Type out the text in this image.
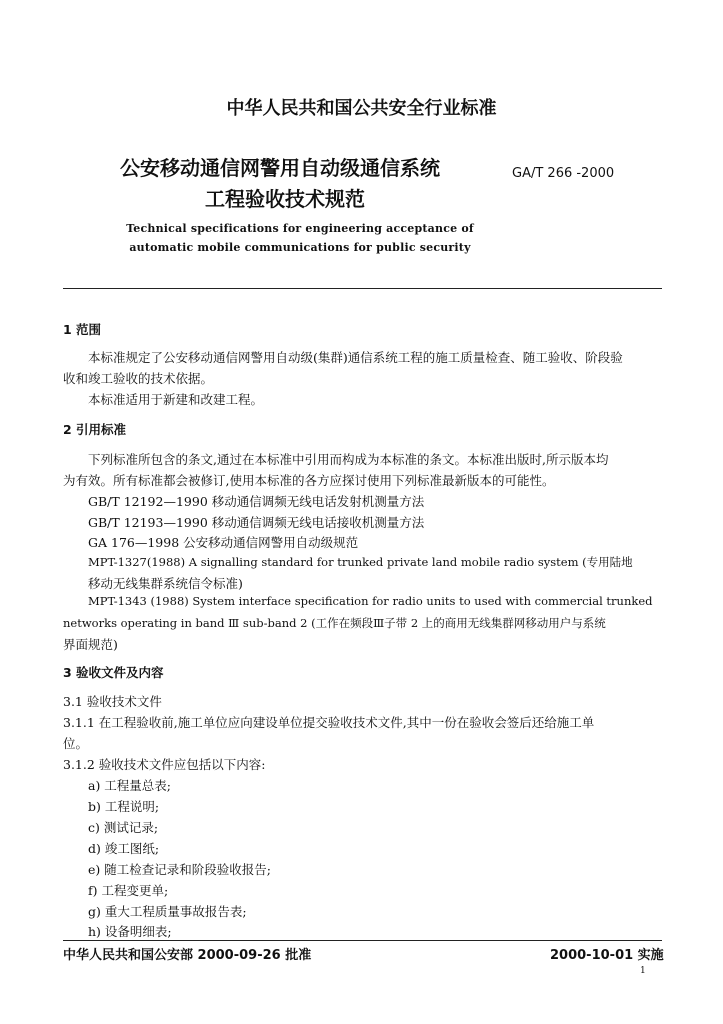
中华人民共和国公共安全行业标准
公安移动通信网警用自动级通信系统
工程验收技术规范
GA/T 266 -2000
Technical specifications for engineering acceptance of
automatic mobile communications for public security
1 范围
本标准规定了公安移动通信网警用自动级(集群)通信系统工程的施工质量检查、随工验收、阶段验
收和竣工验收的技术依据。
本标准适用于新建和改建工程。
2 引用标准
下列标准所包含的条文,通过在本标准中引用而构成为本标准的条文。本标准出版时,所示版本均
为有效。所有标准都会被修订,使用本标准的各方应探讨使用下列标准最新版本的可能性。
GB/T 12192—1990 移动通信调频无线电话发射机测量方法
GB/T 12193—1990 移动通信调频无线电话接收机测量方法
GA 176—1998 公安移动通信网警用自动级规范
MPT-1327(1988) A signalling standard for trunked private land mobile radio system (专用陆地
移动无线集群系统信令标准)
MPT-1343 (1988) System interface specification for radio units to used with commercial trunked
networks operating in band Ⅲ sub-band 2 (工作在频段Ⅲ子带 2 上的商用无线集群网移动用户与系统
界面规范)
3 验收文件及内容
3.1 验收技术文件
3.1.1 在工程验收前,施工单位应向建设单位提交验收技术文件,其中一份在验收会签后还给施工单
位。
3.1.2 验收技术文件应包括以下内容:
a) 工程量总表;
b) 工程说明;
c) 测试记录;
d) 竣工图纸;
e) 随工检查记录和阶段验收报告;
f) 工程变更单;
g) 重大工程质量事故报告表;
h) 设备明细表;
中华人民共和国公安部 2000-09-26 批准	2000-10-01 实施
1
